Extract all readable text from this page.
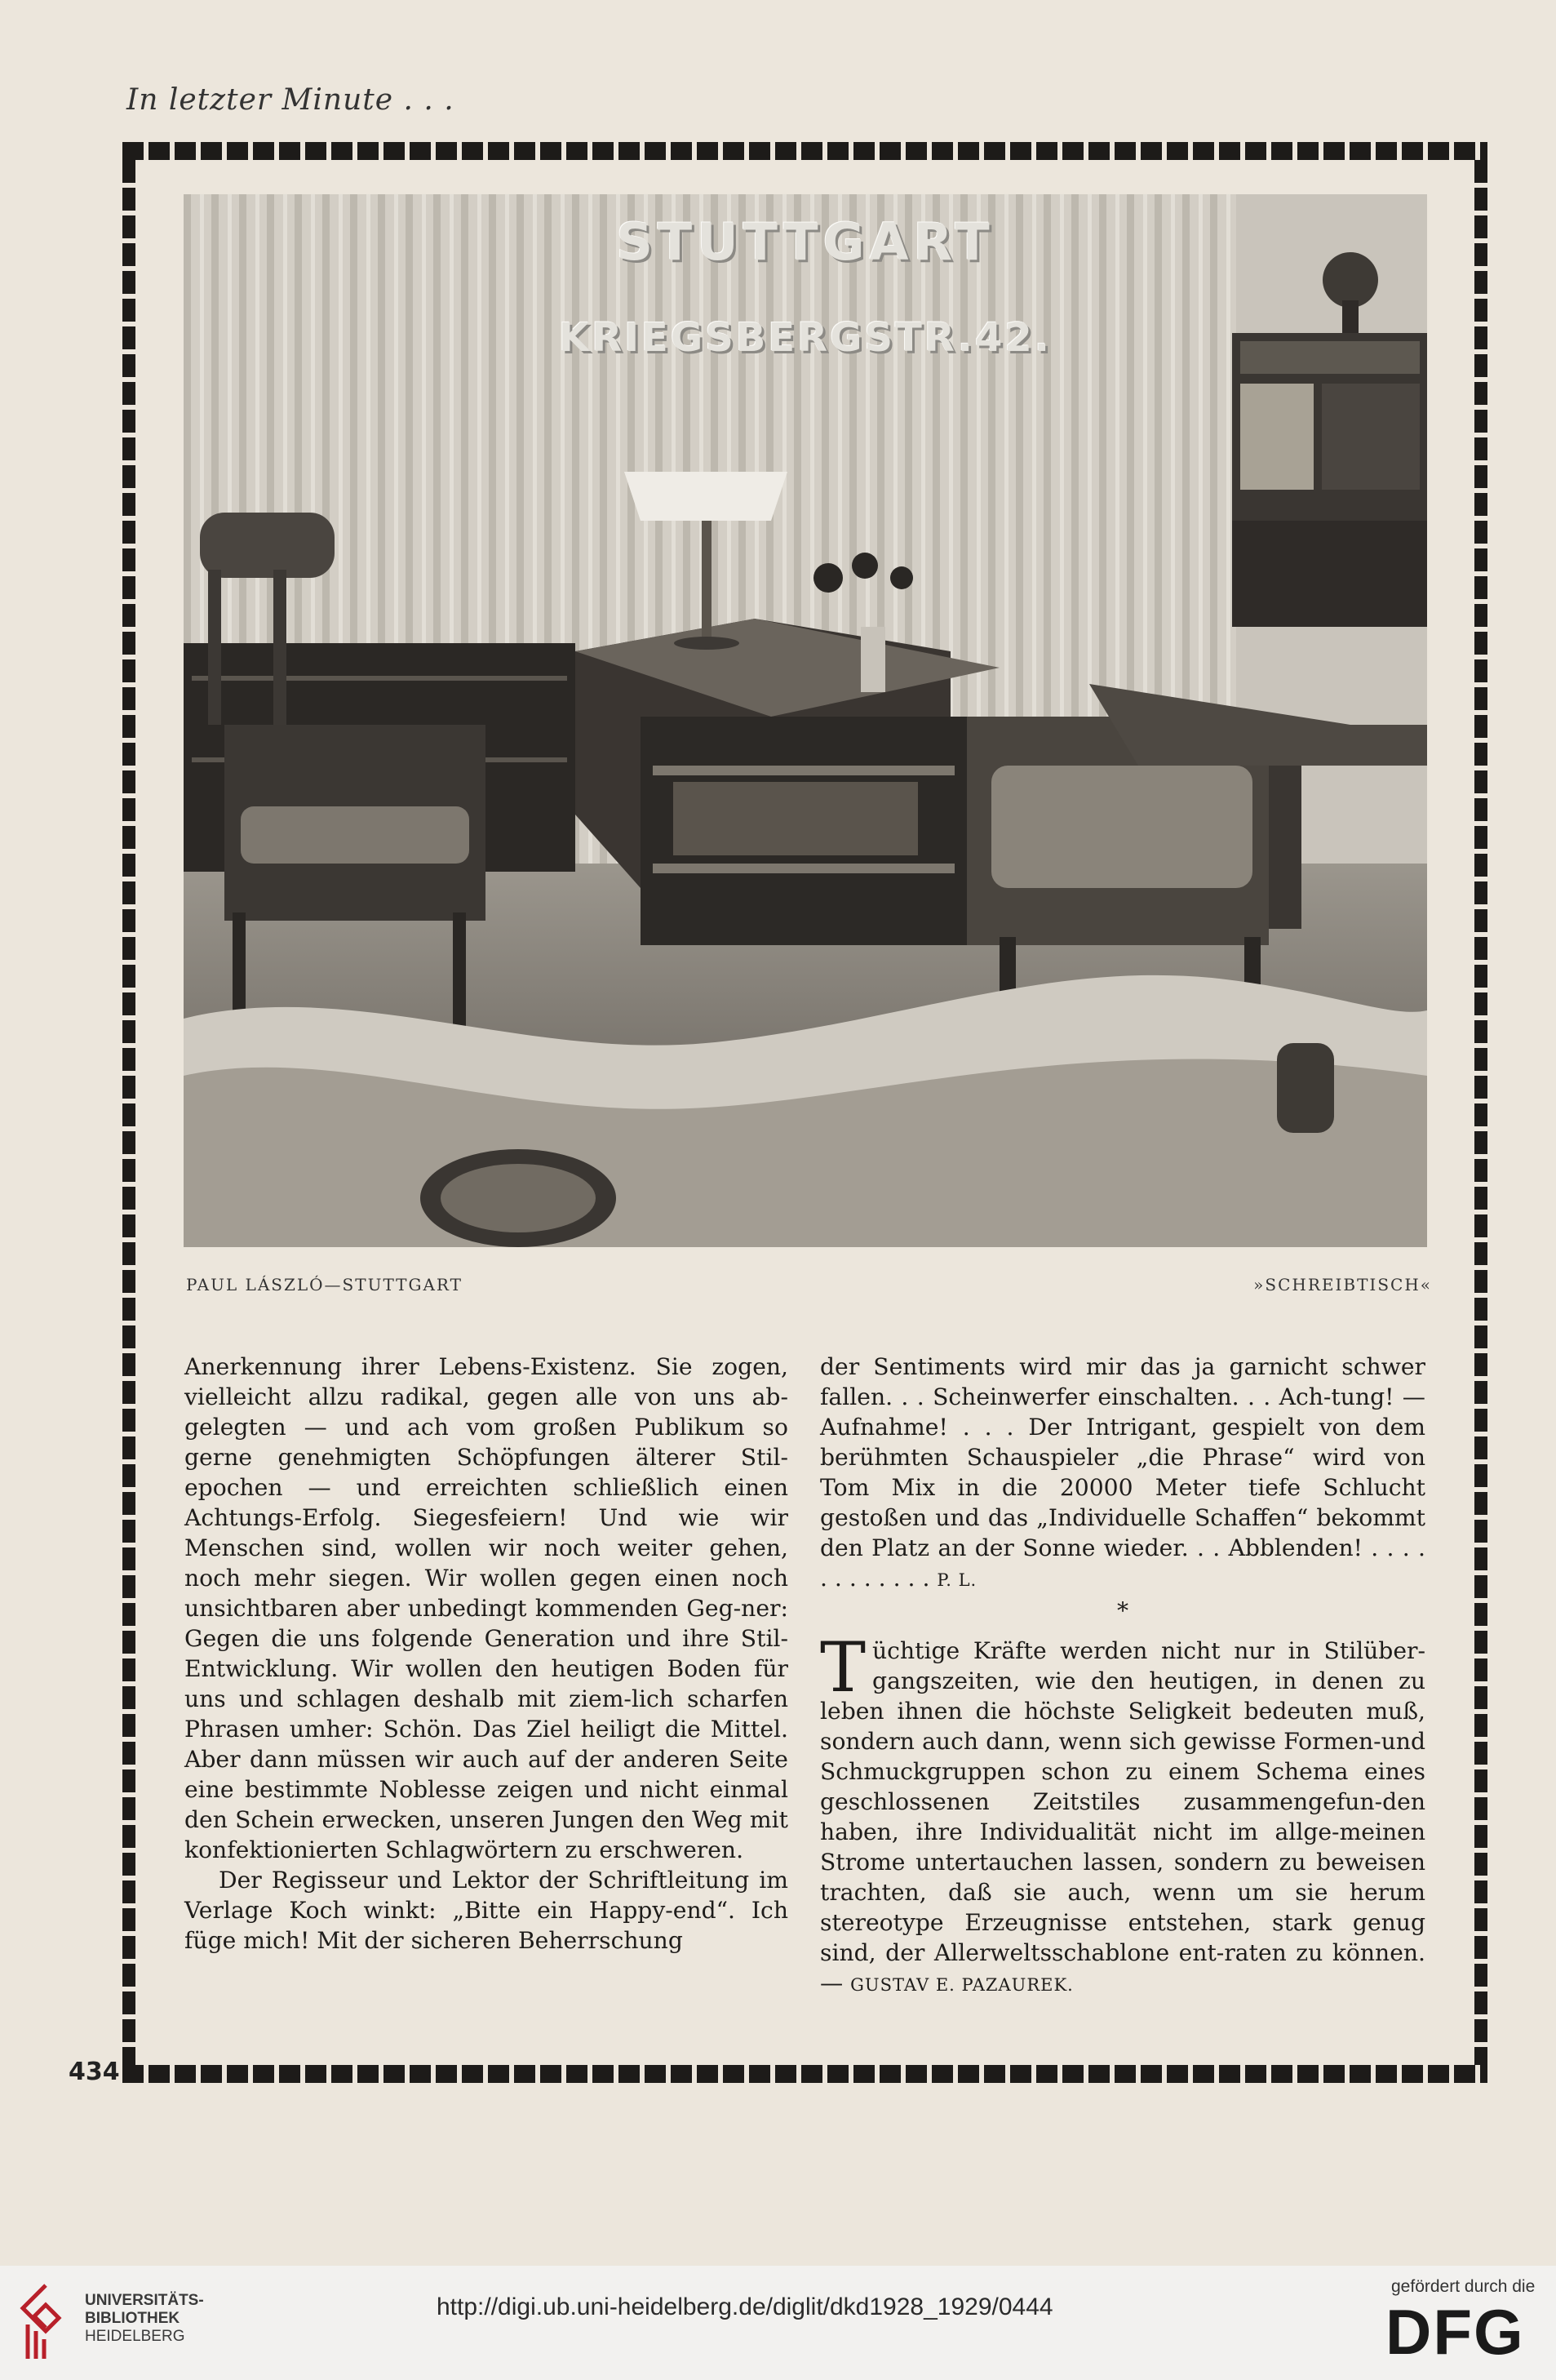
In letzter Minute . . .
STUTTGART
KRIEGSBERGSTR.42.
PAUL LÁSZLÓ—STUTTGART	»SCHREIBTISCH«

Anerkennung ihrer Lebens-Existenz. Sie zogen, vielleicht allzu radikal, gegen alle von uns ab-gelegten — und ach vom großen Publikum so gerne genehmigten Schöpfungen älterer Stil-epochen — und erreichten schließlich einen Achtungs-Erfolg. Siegesfeiern! Und wie wir Menschen sind, wollen wir noch weiter gehen, noch mehr siegen. Wir wollen gegen einen noch unsichtbaren aber unbedingt kommenden Geg-ner: Gegen die uns folgende Generation und ihre Stil-Entwicklung. Wir wollen den heutigen Boden für uns und schlagen deshalb mit ziem-lich scharfen Phrasen umher: Schön. Das Ziel heiligt die Mittel. Aber dann müssen wir auch auf der anderen Seite eine bestimmte Noblesse zeigen und nicht einmal den Schein erwecken, unseren Jungen den Weg mit konfektionierten Schlagwörtern zu erschweren.

Der Regisseur und Lektor der Schriftleitung im Verlage Koch winkt: „Bitte ein Happy-end“. Ich füge mich! Mit der sicheren Beherrschung

der Sentiments wird mir das ja garnicht schwer fallen. . . Scheinwerfer einschalten. . . Ach-tung! — Aufnahme! . . . Der Intrigant, gespielt von dem berühmten Schauspieler „die Phrase“ wird von Tom Mix in die 20000 Meter tiefe Schlucht gestoßen und das „Individuelle Schaffen“ bekommt den Platz an der Sonne wieder. . . Abblenden! . . . . . . . . . . . . P. L.

*

T üchtige Kräfte werden nicht nur in Stilüber-gangszeiten, wie den heutigen, in denen zu leben ihnen die höchste Seligkeit bedeuten muß, sondern auch dann, wenn sich gewisse Formen-und Schmuckgruppen schon zu einem Schema eines geschlossenen Zeitstiles zusammengefun-den haben, ihre Individualität nicht im allge-meinen Strome untertauchen lassen, sondern zu beweisen trachten, daß sie auch, wenn um sie herum stereotype Erzeugnisse entstehen, stark genug sind, der Allerweltsschablone ent-raten zu können. — GUSTAV E. PAZAUREK.

434
UNIVERSITÄTS-
BIBLIOTHEK
HEIDELBERG
http://digi.ub.uni-heidelberg.de/diglit/dkd1928_1929/0444
gefördert durch die
DFG
